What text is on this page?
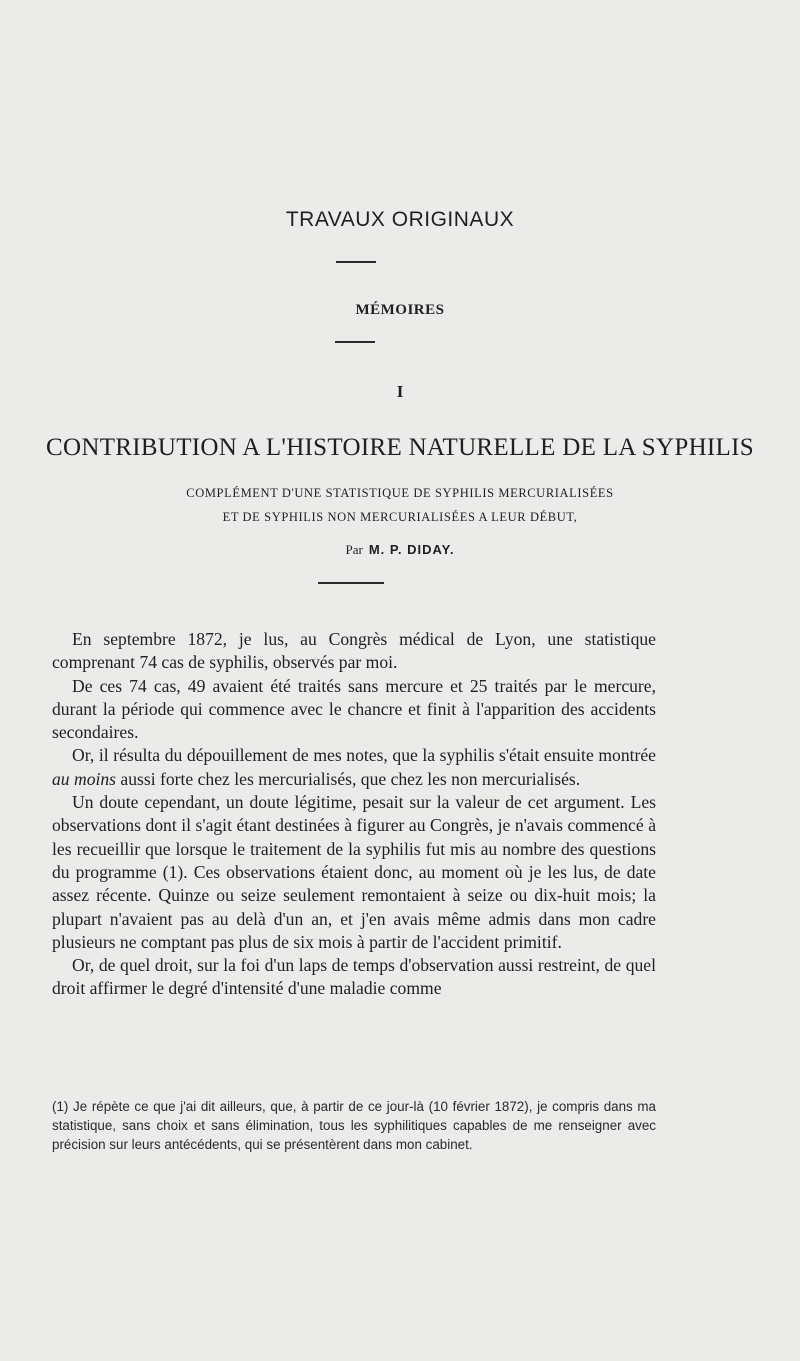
TRAVAUX ORIGINAUX
MÉMOIRES
I
CONTRIBUTION A L'HISTOIRE NATURELLE DE LA SYPHILIS
COMPLÉMENT D'UNE STATISTIQUE DE SYPHILIS MERCURIALISÉES
ET DE SYPHILIS NON MERCURIALISÉES A LEUR DÉBUT,
Par M. P. DIDAY.

En septembre 1872, je lus, au Congrès médical de Lyon, une statistique comprenant 74 cas de syphilis, observés par moi.

De ces 74 cas, 49 avaient été traités sans mercure et 25 traités par le mercure, durant la période qui commence avec le chancre et finit à l'apparition des accidents secondaires.

Or, il résulta du dépouillement de mes notes, que la syphilis s'était ensuite montrée au moins aussi forte chez les mercurialisés, que chez les non mercurialisés.

Un doute cependant, un doute légitime, pesait sur la valeur de cet argument. Les observations dont il s'agit étant destinées à figurer au Congrès, je n'avais commencé à les recueillir que lorsque le traitement de la syphilis fut mis au nombre des questions du programme (1). Ces observations étaient donc, au moment où je les lus, de date assez récente. Quinze ou seize seulement remontaient à seize ou dix-huit mois; la plupart n'avaient pas au delà d'un an, et j'en avais même admis dans mon cadre plusieurs ne comptant pas plus de six mois à partir de l'accident primitif.

Or, de quel droit, sur la foi d'un laps de temps d'observation aussi restreint, de quel droit affirmer le degré d'intensité d'une maladie comme

(1) Je répète ce que j'ai dit ailleurs, que, à partir de ce jour-là (10 février 1872), je compris dans ma statistique, sans choix et sans élimination, tous les syphilitiques capables de me renseigner avec précision sur leurs antécédents, qui se présentèrent dans mon cabinet.
